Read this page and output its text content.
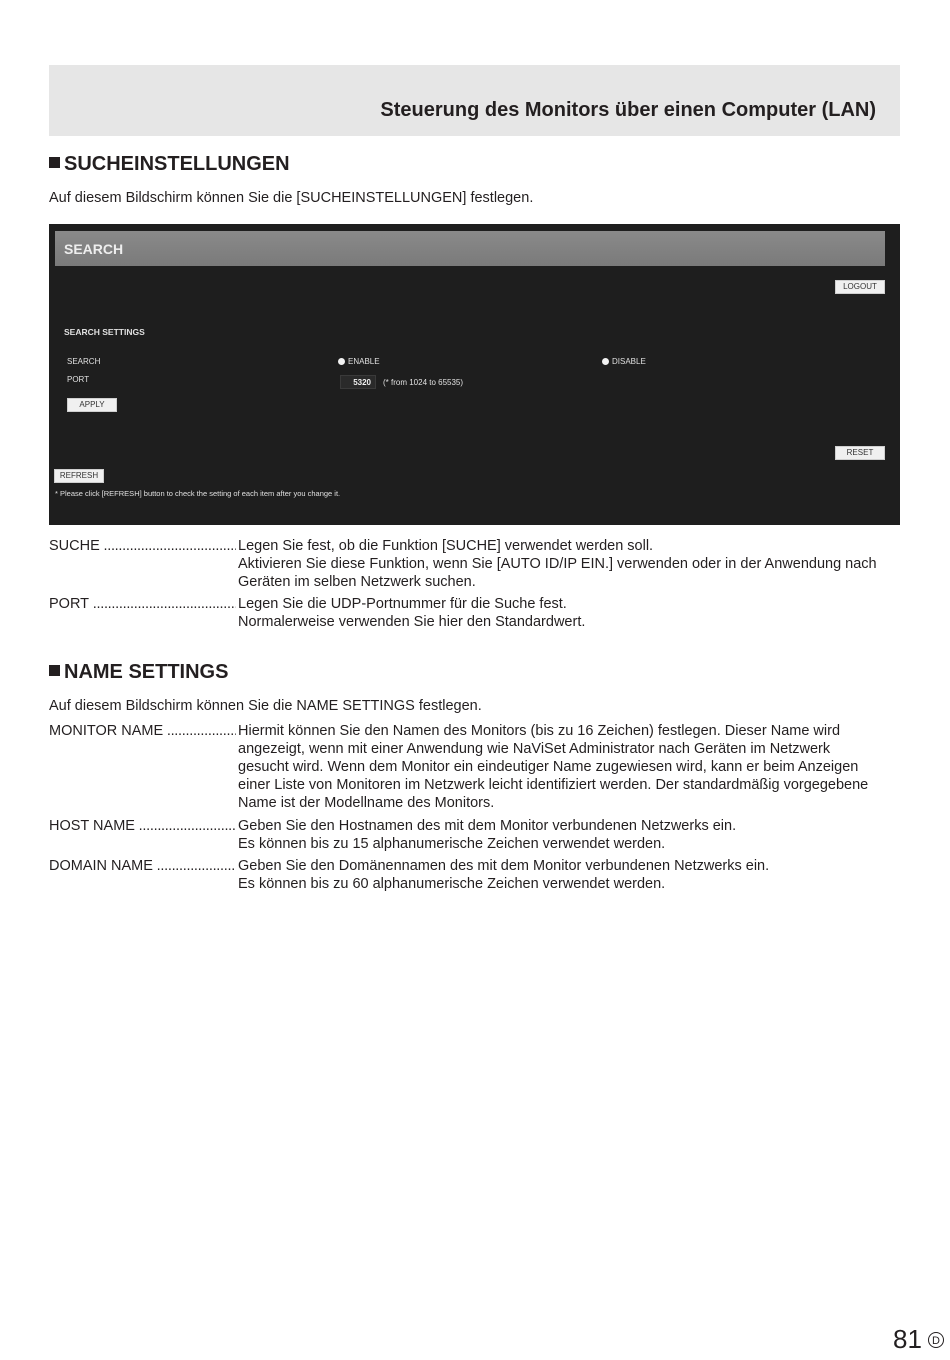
Steuerung des Monitors über einen Computer (LAN)
SUCHEINSTELLUNGEN
Auf diesem Bildschirm können Sie die [SUCHEINSTELLUNGEN] festlegen.
SEARCH
LOGOUT
SEARCH SETTINGS
SEARCH	ENABLE	DISABLE
PORT	5320	(* from 1024 to 65535)
APPLY
RESET
REFRESH
* Please click [REFRESH] button to check the setting of each item after you change it.
SUCHE .....	Legen Sie fest, ob die Funktion [SUCHE] verwendet werden soll.
Aktivieren Sie diese Funktion, wenn Sie [AUTO ID/IP EIN.] verwenden oder in der Anwendung nach
Geräten im selben Netzwerk suchen.
PORT .....	Legen Sie die UDP-Portnummer für die Suche fest.
Normalerweise verwenden Sie hier den Standardwert.
NAME SETTINGS
Auf diesem Bildschirm können Sie die NAME SETTINGS festlegen.
MONITOR NAME .....	Hiermit können Sie den Namen des Monitors (bis zu 16 Zeichen) festlegen. Dieser Name wird
angezeigt, wenn mit einer Anwendung wie NaViSet Administrator nach Geräten im Netzwerk
gesucht wird. Wenn dem Monitor ein eindeutiger Name zugewiesen wird, kann er beim Anzeigen
einer Liste von Monitoren im Netzwerk leicht identifiziert werden. Der standardmäßig vorgegebene
Name ist der Modellname des Monitors.
HOST NAME .....	Geben Sie den Hostnamen des mit dem Monitor verbundenen Netzwerks ein.
Es können bis zu 15 alphanumerische Zeichen verwendet werden.
DOMAIN NAME .....	Geben Sie den Domänennamen des mit dem Monitor verbundenen Netzwerks ein.
Es können bis zu 60 alphanumerische Zeichen verwendet werden.
81 D
